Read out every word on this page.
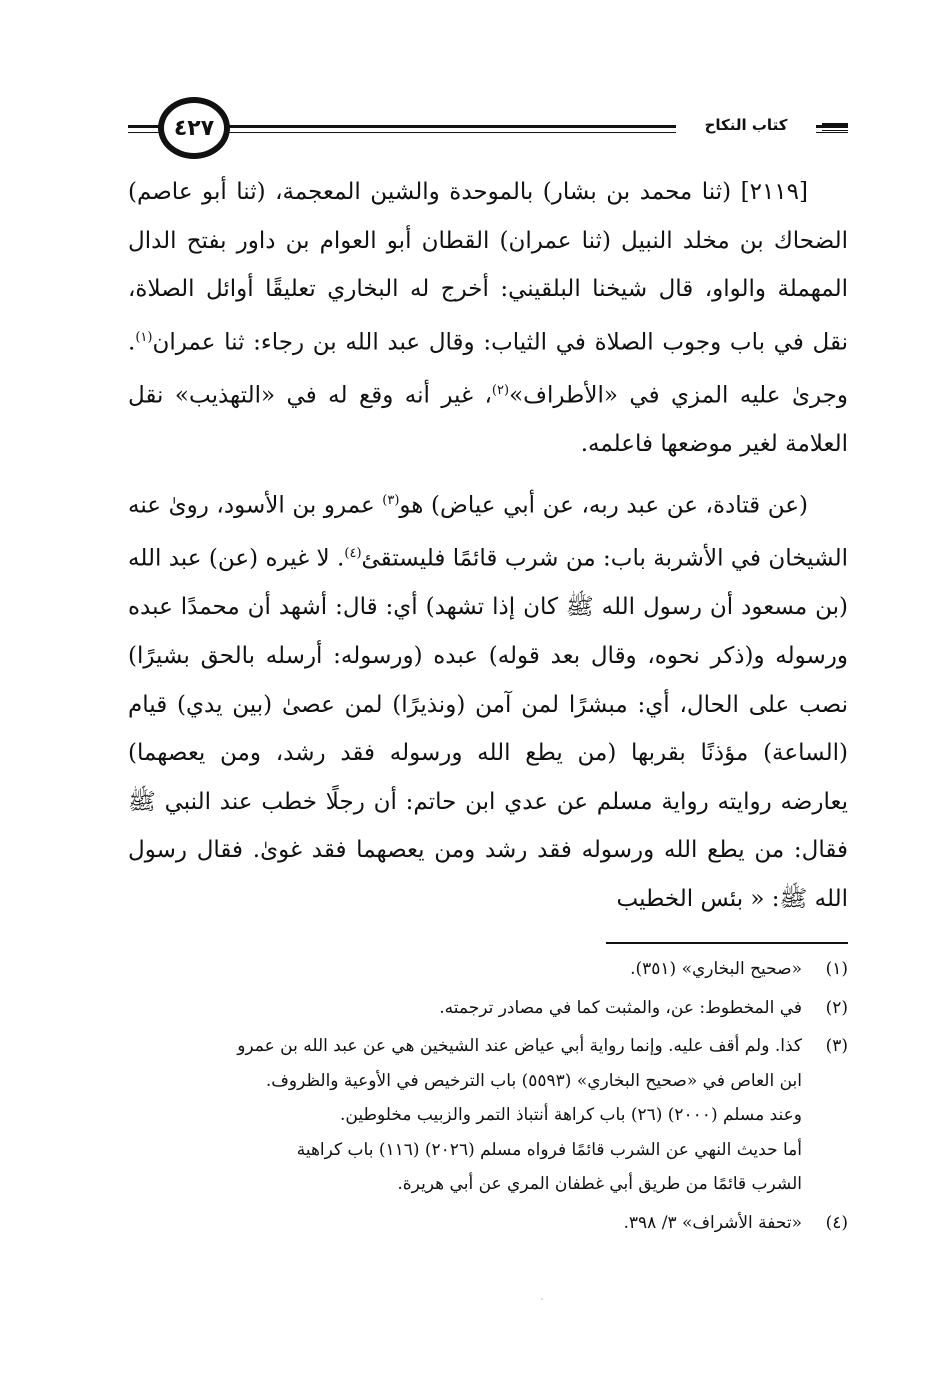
كتاب النكاح
٤٢٧

[٢١١٩] (ثنا محمد بن بشار) بالموحدة والشين المعجمة، (ثنا أبو عاصم) الضحاك بن مخلد النبيل (ثنا عمران) القطان أبو العوام بن داور بفتح الدال المهملة والواو، قال شيخنا البلقيني: أخرج له البخاري تعليقًا أوائل الصلاة، نقل في باب وجوب الصلاة في الثياب: وقال عبد الله بن رجاء: ثنا عمران$^{(١)}$. وجرىٰ عليه المزي في «الأطراف»$^{(٢)}$، غير أنه وقع له في «التهذيب» نقل العلامة لغير موضعها فاعلمه.

(عن قتادة، عن عبد ربه، عن أبي عياض) هو$^{(٣)}$ عمرو بن الأسود، روىٰ عنه الشيخان في الأشربة باب: من شرب قائمًا فليستقئ$^{(٤)}$. لا غيره (عن) عبد الله (بن مسعود أن رسول الله ﷺ كان إذا تشهد) أي: قال: أشهد أن محمدًا عبده ورسوله و(ذكر نحوه، وقال بعد قوله) عبده (ورسوله: أرسله بالحق بشيرًا) نصب على الحال، أي: مبشرًا لمن آمن (ونذيرًا) لمن عصىٰ (بين يدي) قيام (الساعة) مؤذنًا بقربها (من يطع الله ورسوله فقد رشد، ومن يعصهما) يعارضه روايته رواية مسلم عن عدي ابن حاتم: أن رجلًا خطب عند النبي ﷺ فقال: من يطع الله ورسوله فقد رشد ومن يعصهما فقد غوىٰ. فقال رسول الله ﷺ: « بئس الخطيب

(١)

«صحيح البخاري» (٣٥١).

(٢)

في المخطوط: عن، والمثبت كما في مصادر ترجمته.

(٣)

كذا. ولم أقف عليه. وإنما رواية أبي عياض عند الشيخين هي عن عبد الله بن عمرو

ابن العاص في «صحيح البخاري» (٥٥٩٣) باب الترخيص في الأوعية والظروف.

وعند مسلم (٢٠٠٠) (٢٦) باب كراهة أنتباذ التمر والزبيب مخلوطين.

أما حديث النهي عن الشرب قائمًا فرواه مسلم (٢٠٢٦) (١١٦) باب كراهية

الشرب قائمًا من طريق أبي غطفان المري عن أبي هريرة.

(٤)

«تحفة الأشراف» ٣/ ٣٩٨.
